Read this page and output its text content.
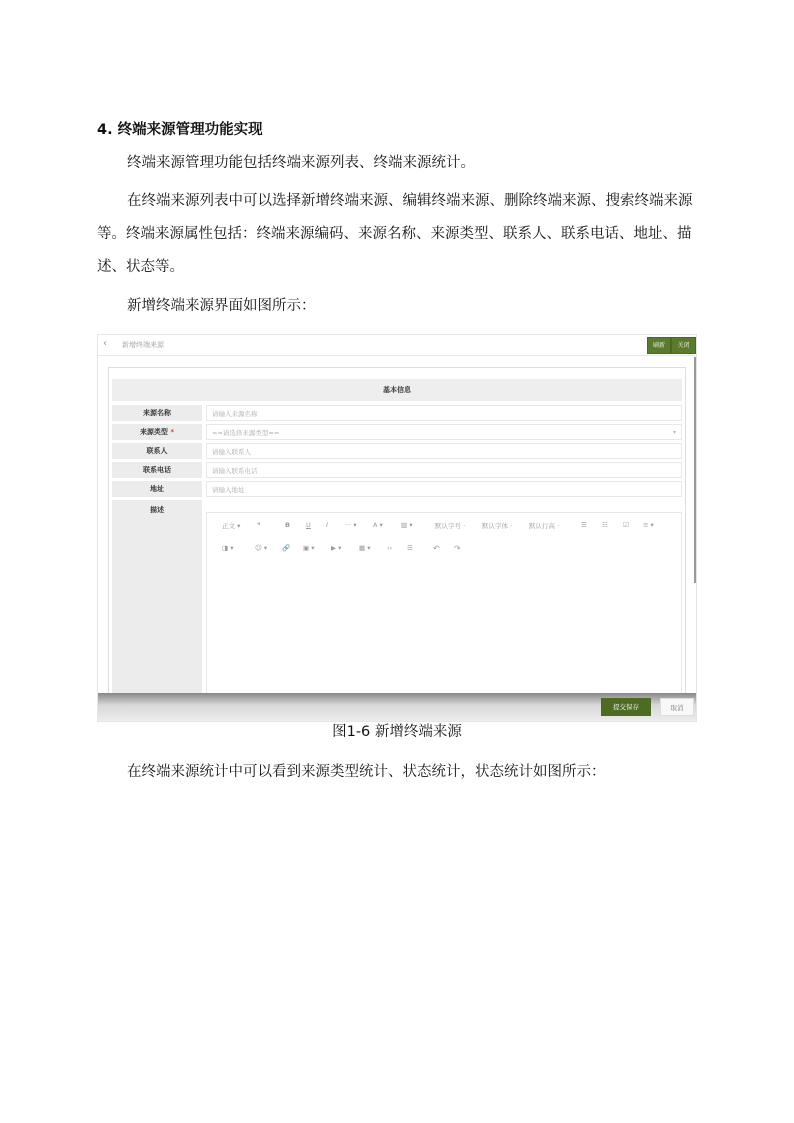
4. 终端来源管理功能实现
终端来源管理功能包括终端来源列表、终端来源统计。
在终端来源列表中可以选择新增终端来源、编辑终端来源、删除终端来源、搜索终端来源等。终端来源属性包括：终端来源编码、来源名称、来源类型、联系人、联系电话、地址、描述、状态等。
新增终端来源界面如图所示：
‹ 新增终端来源	刷新	关闭
基本信息
来源名称	请输入来源名称
来源类型 *	==请选择来源类型==	▾
联系人	请输入联系人
联系电话	请输入联系电话
地址	请输入地址
描述
正文 ▾	❝	B U I	··· ▾	A ▾	▨ ▾	默认字号 ·	默认字体 ·	默认行高 ·	☰ ☷ ☑ ≡ ▾
◨ ▾	☺ ▾ 🔗 ▣ ▾	▶ ▾	▦ ▾	‹› ☰	↶ ↷
提交保存	取消
图1-6 新增终端来源
在终端来源统计中可以看到来源类型统计、状态统计，状态统计如图所示：
